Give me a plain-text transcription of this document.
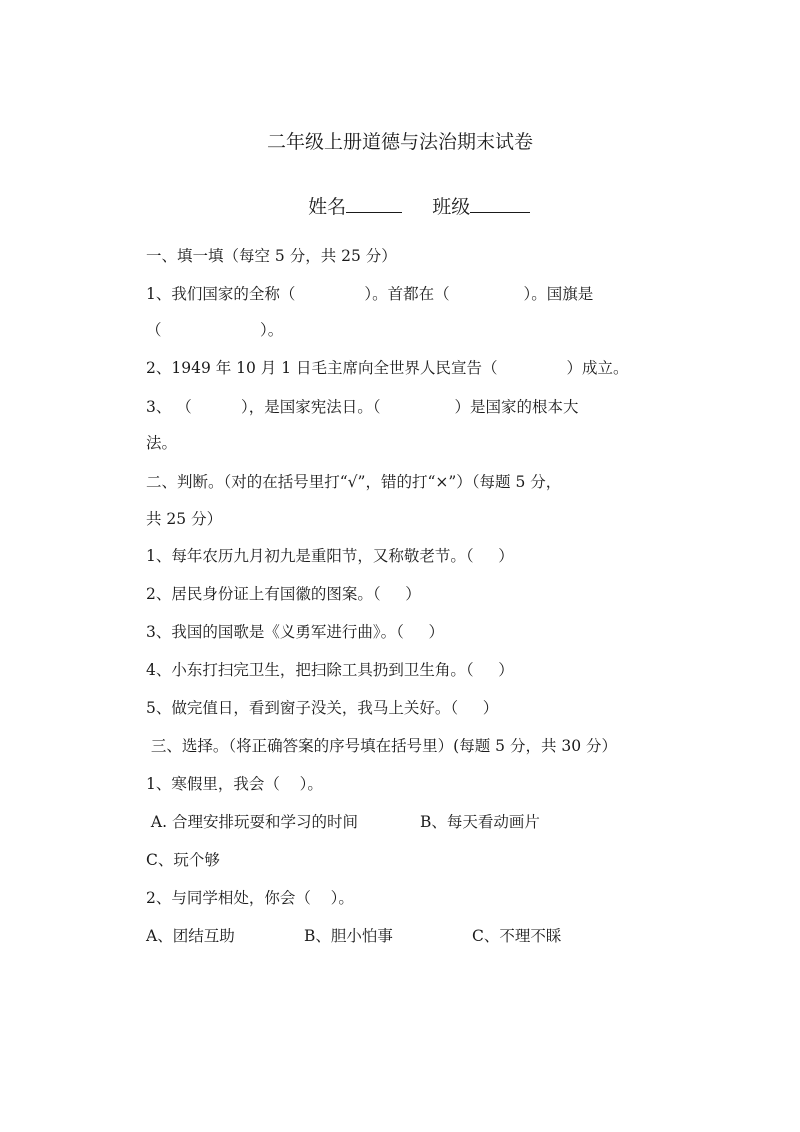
二年级上册道德与法治期末试卷

姓名	班级

一、填一填（每空 5 分，共 25 分）
1、我们国家的全称（              ）。首都在（               ）。国旗是
（                    ）。
2、1949 年 10 月 1 日毛主席向全世界人民宣告（              ）成立。
3、 （          ），是国家宪法日。（               ）是国家的根本大
法。
二、判断。（对的在括号里打“√”，错的打“×”）（每题 5 分，
共 25 分）
1、每年农历九月初九是重阳节，又称敬老节。（     ）
2、居民身份证上有国徽的图案。（     ）
3、我国的国歌是《义勇军进行曲》。（     ）
4、小东打扫完卫生，把扫除工具扔到卫生角。（     ）
5、做完值日，看到窗子没关，我马上关好。（     ）
三、选择。（将正确答案的序号填在括号里）(每题 5 分，共 30 分）
1、寒假里，我会（    ）。
A. 合理安排玩耍和学习的时间	B、每天看动画片
C、玩个够
2、与同学相处，你会（    ）。
A、团结互助	B、胆小怕事	C、不理不睬
